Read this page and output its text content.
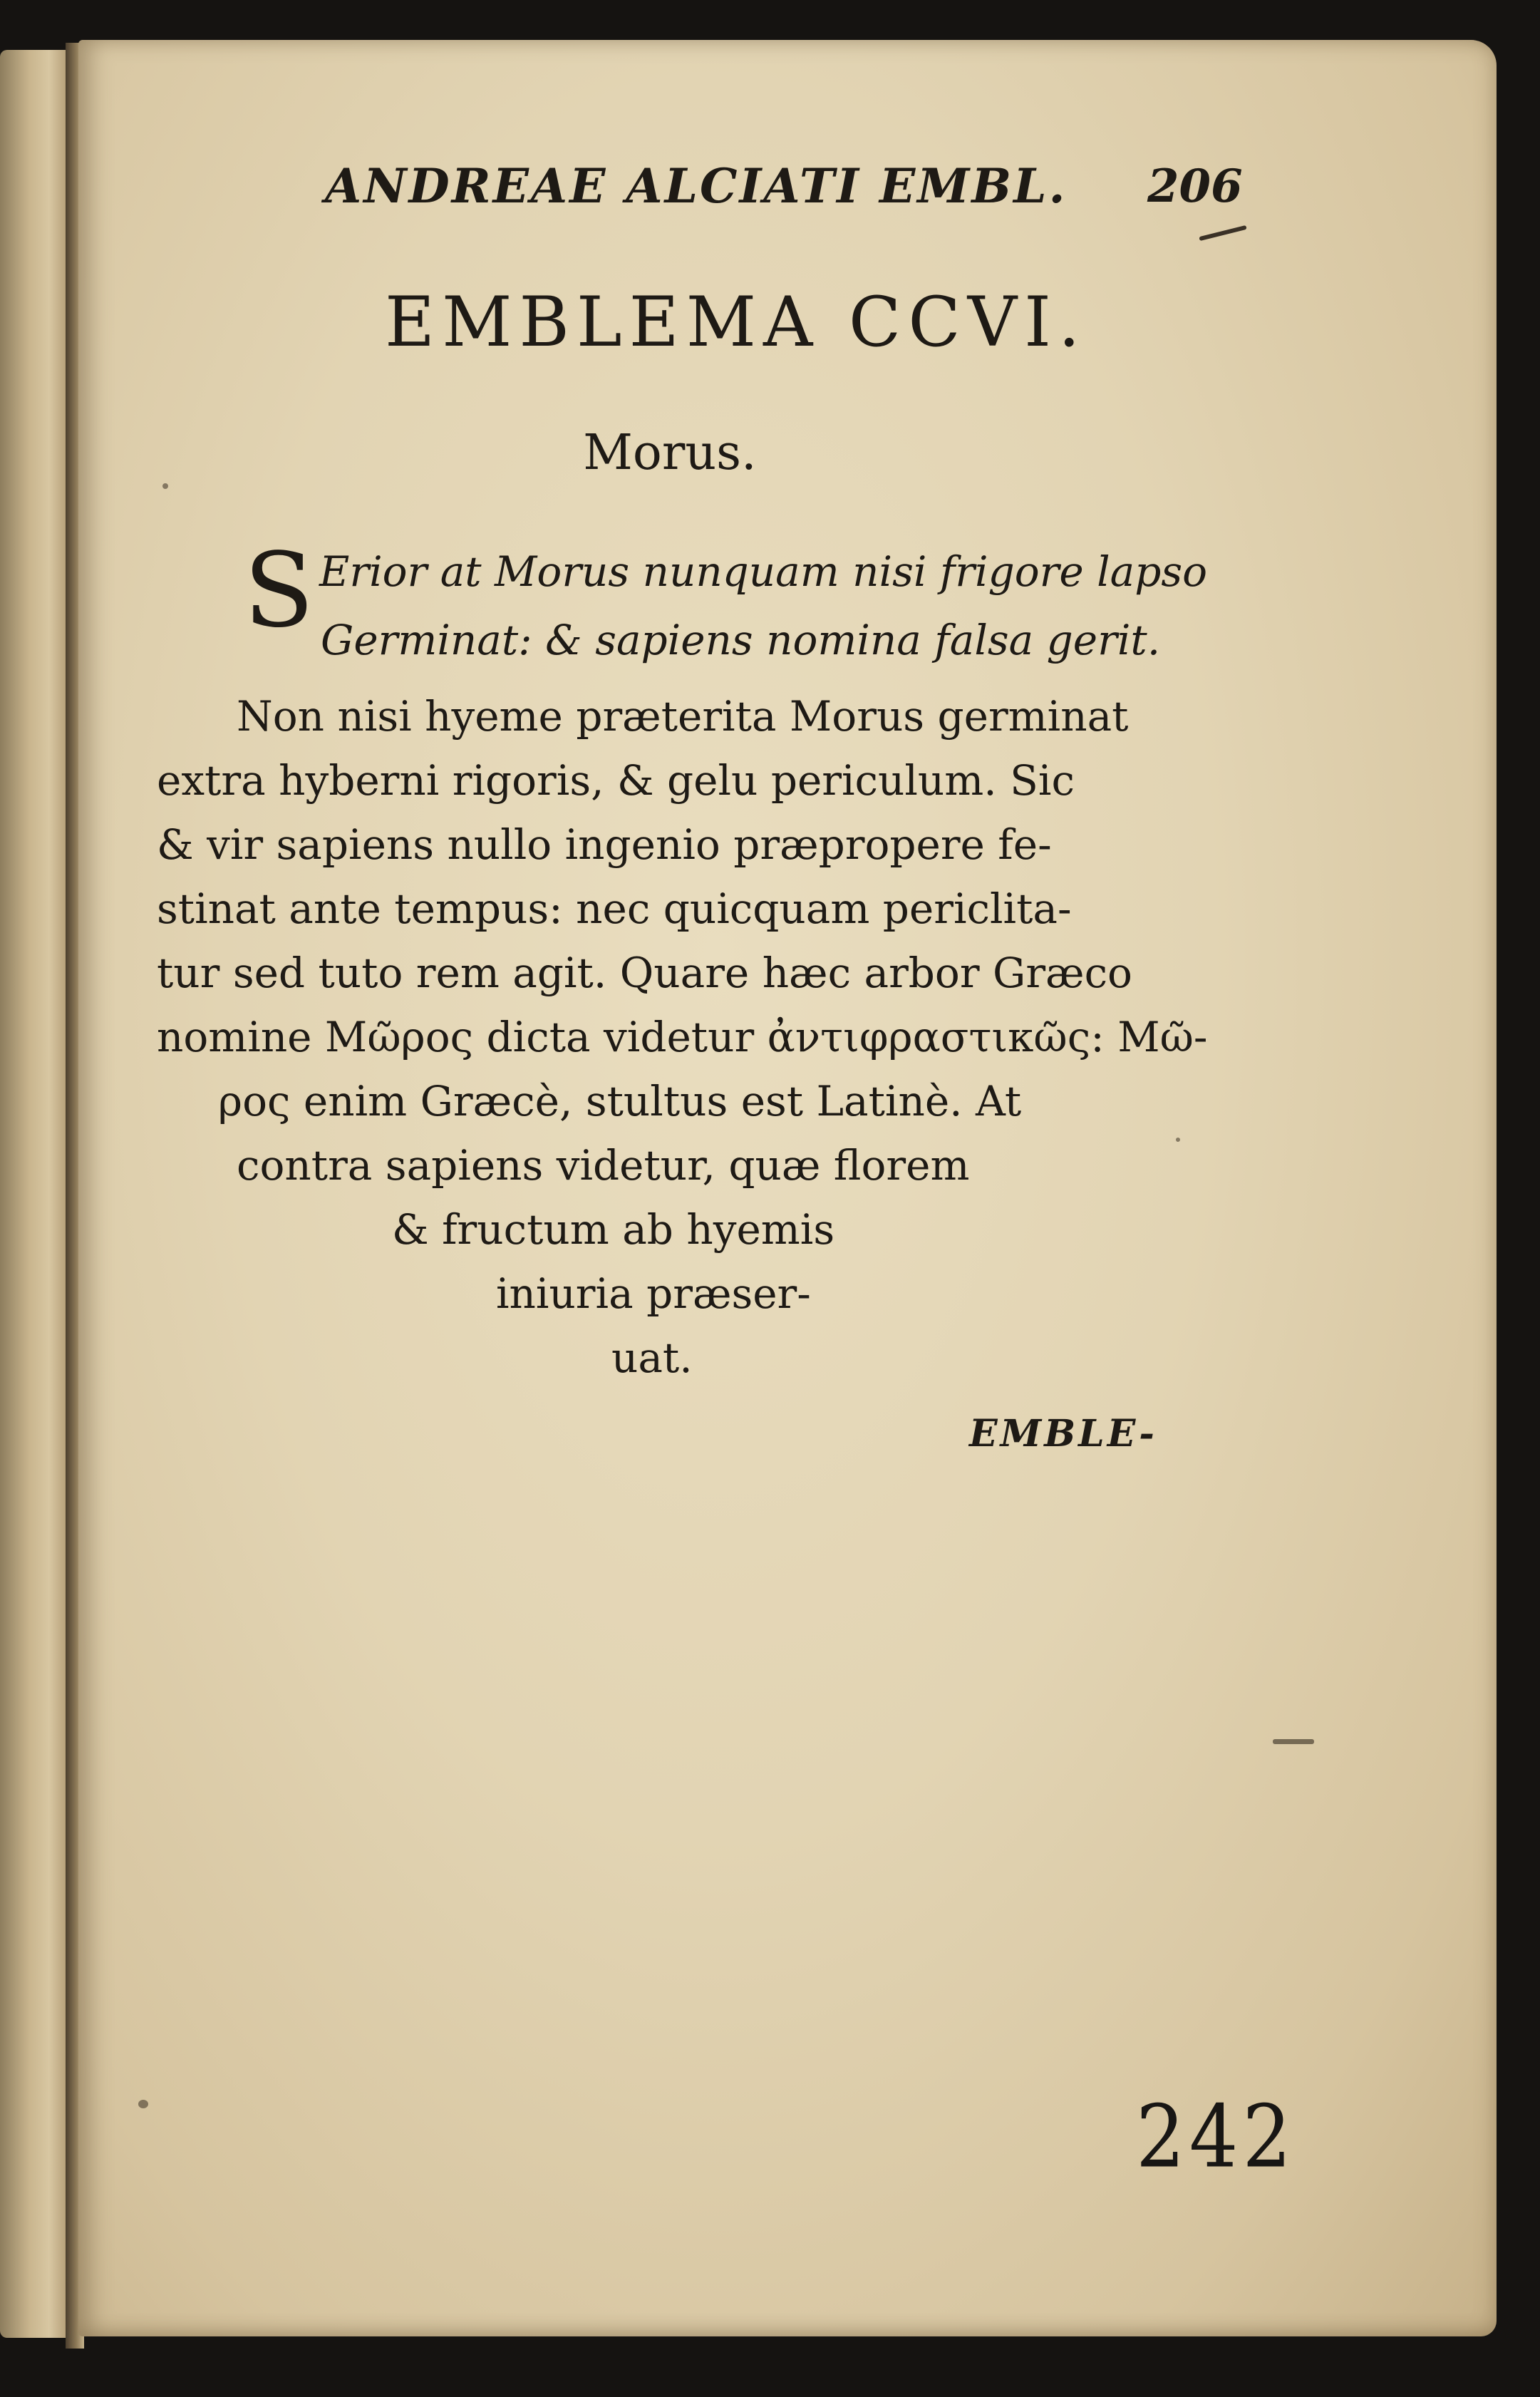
ANDREAE ALCIATI EMBL. 206
EMBLEMA CCVI.
Morus.
S Erior at Morus nunquam nisi frigore lapso
Germinat: & sapiens nomina falsa gerit.
Non nisi hyeme præterita Morus germinat
extra hyberni rigoris, & gelu periculum. Sic
& vir sapiens nullo ingenio præpropere fe-
stinat ante tempus: nec quicquam periclita-
tur sed tuto rem agit. Quare hæc arbor Græco
nomine Μῶρος dicta videtur ἀντιφραστικῶς: Μῶ-
ρος enim Græcè, stultus est Latinè. At
contra sapiens videtur, quæ florem
& fructum ab hyemis
iniuria præser-
uat.
EMBLE-
242
